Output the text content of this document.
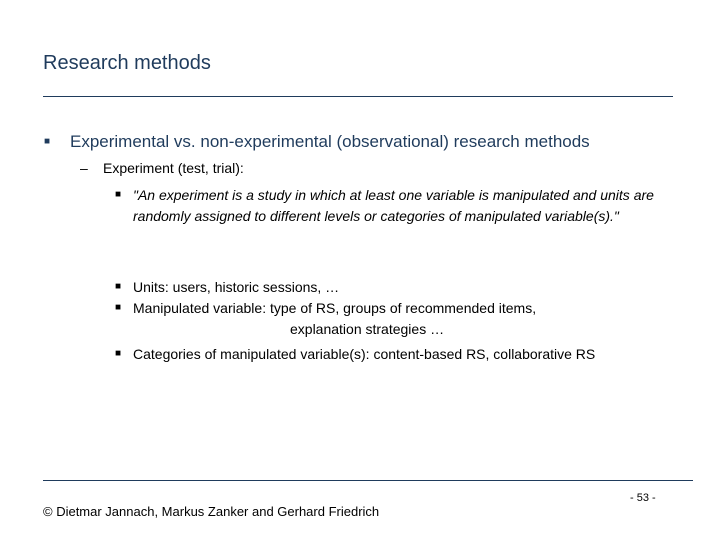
Research methods
■ Experimental vs. non-experimental (observational) research methods
– Experiment (test, trial):
■ "An experiment is a study in which at least one variable is manipulated and units are randomly assigned to different levels or categories of manipulated variable(s)."
■ Units: users, historic sessions, …
■ Manipulated variable: type of RS, groups of recommended items,
explanation strategies …
■ Categories of manipulated variable(s): content-based RS, collaborative RS
© Dietmar Jannach, Markus Zanker and Gerhard Friedrich
- 53 -
